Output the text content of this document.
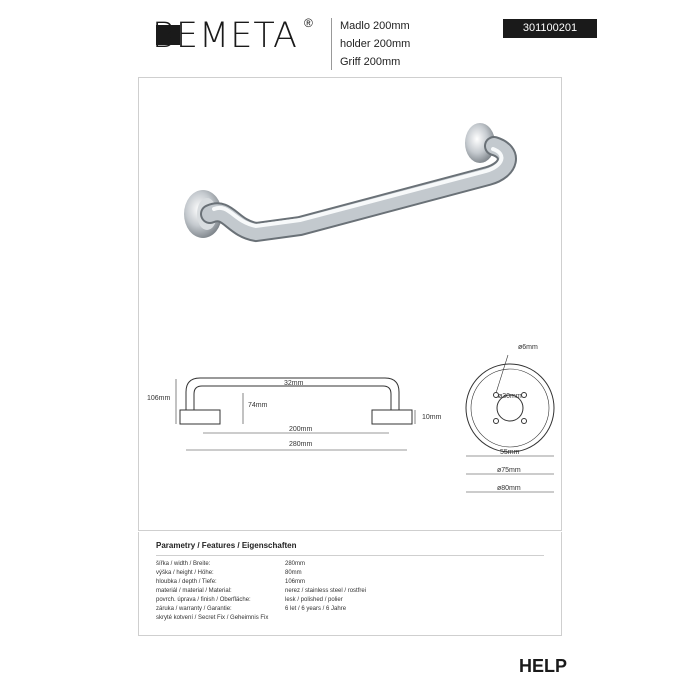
BEMETA ® Madlo 200mm
holder 200mm
Griff 200mm
301100201
106mm
32mm
74mm
10mm
200mm
280mm
ø6mm
ø30mm
55mm
ø75mm
ø80mm
Parametry / Features / Eigenschaften
šířka / width / Breite:	280mm
výška / height / Höhe:	80mm
hloubka / depth / Tiefe:	106mm
materiál / material / Material:	nerez / stainless steel / rostfrei
povrch. úprava / finish / Oberfläche:	lesk / polished / polier
záruka / warranty / Garantie:	6 let / 6 years / 6 Jahre
skryté kotvení / Secret Fix / Geheimnis Fix
HELP
